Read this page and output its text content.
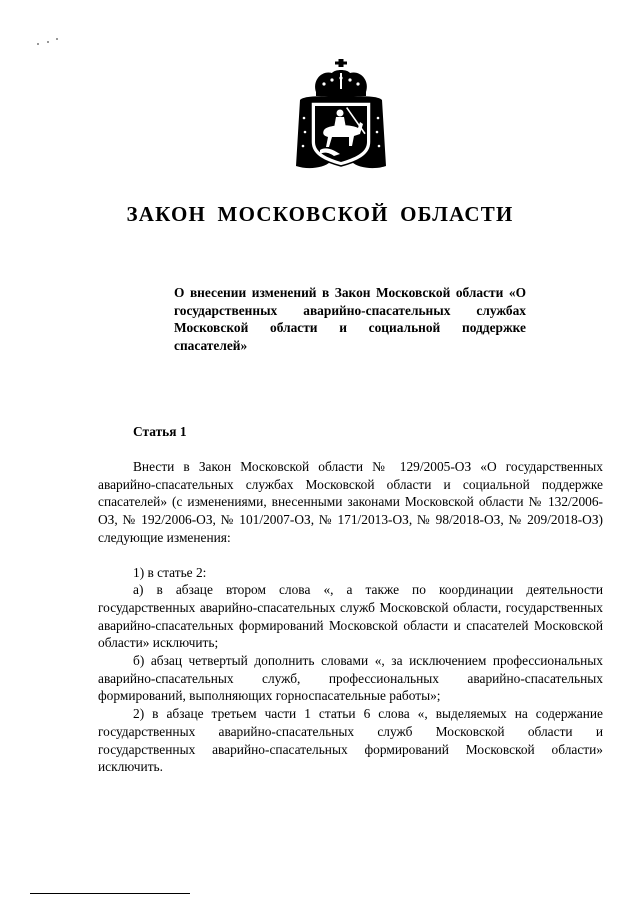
ЗАКОН МОСКОВСКОЙ ОБЛАСТИ
О внесении изменений в Закон Московской области «О государственных аварийно-спасательных службах Московской области и социальной поддержке спасателей»
Статья 1

Внести в Закон Московской области № 129/2005-ОЗ «О государственных аварийно-спасательных службах Московской области и социальной поддержке спасателей» (с изменениями, внесенными законами Московской области № 132/2006-ОЗ, № 192/2006-ОЗ, № 101/2007-ОЗ, № 171/2013-ОЗ, № 98/2018-ОЗ, № 209/2018-ОЗ) следующие изменения:

1) в статье 2:

а) в абзаце втором слова «, а также по координации деятельности государственных аварийно-спасательных служб Московской области, государственных аварийно-спасательных формирований Московской области и спасателей Московской области» исключить;

б) абзац четвертый дополнить словами «, за исключением профессиональных аварийно-спасательных служб, профессиональных аварийно-спасательных формирований, выполняющих горноспасательные работы»;

2) в абзаце третьем части 1 статьи 6 слова «, выделяемых на содержание государственных аварийно-спасательных служб Московской области и государственных аварийно-спасательных формирований Московской области» исключить.
